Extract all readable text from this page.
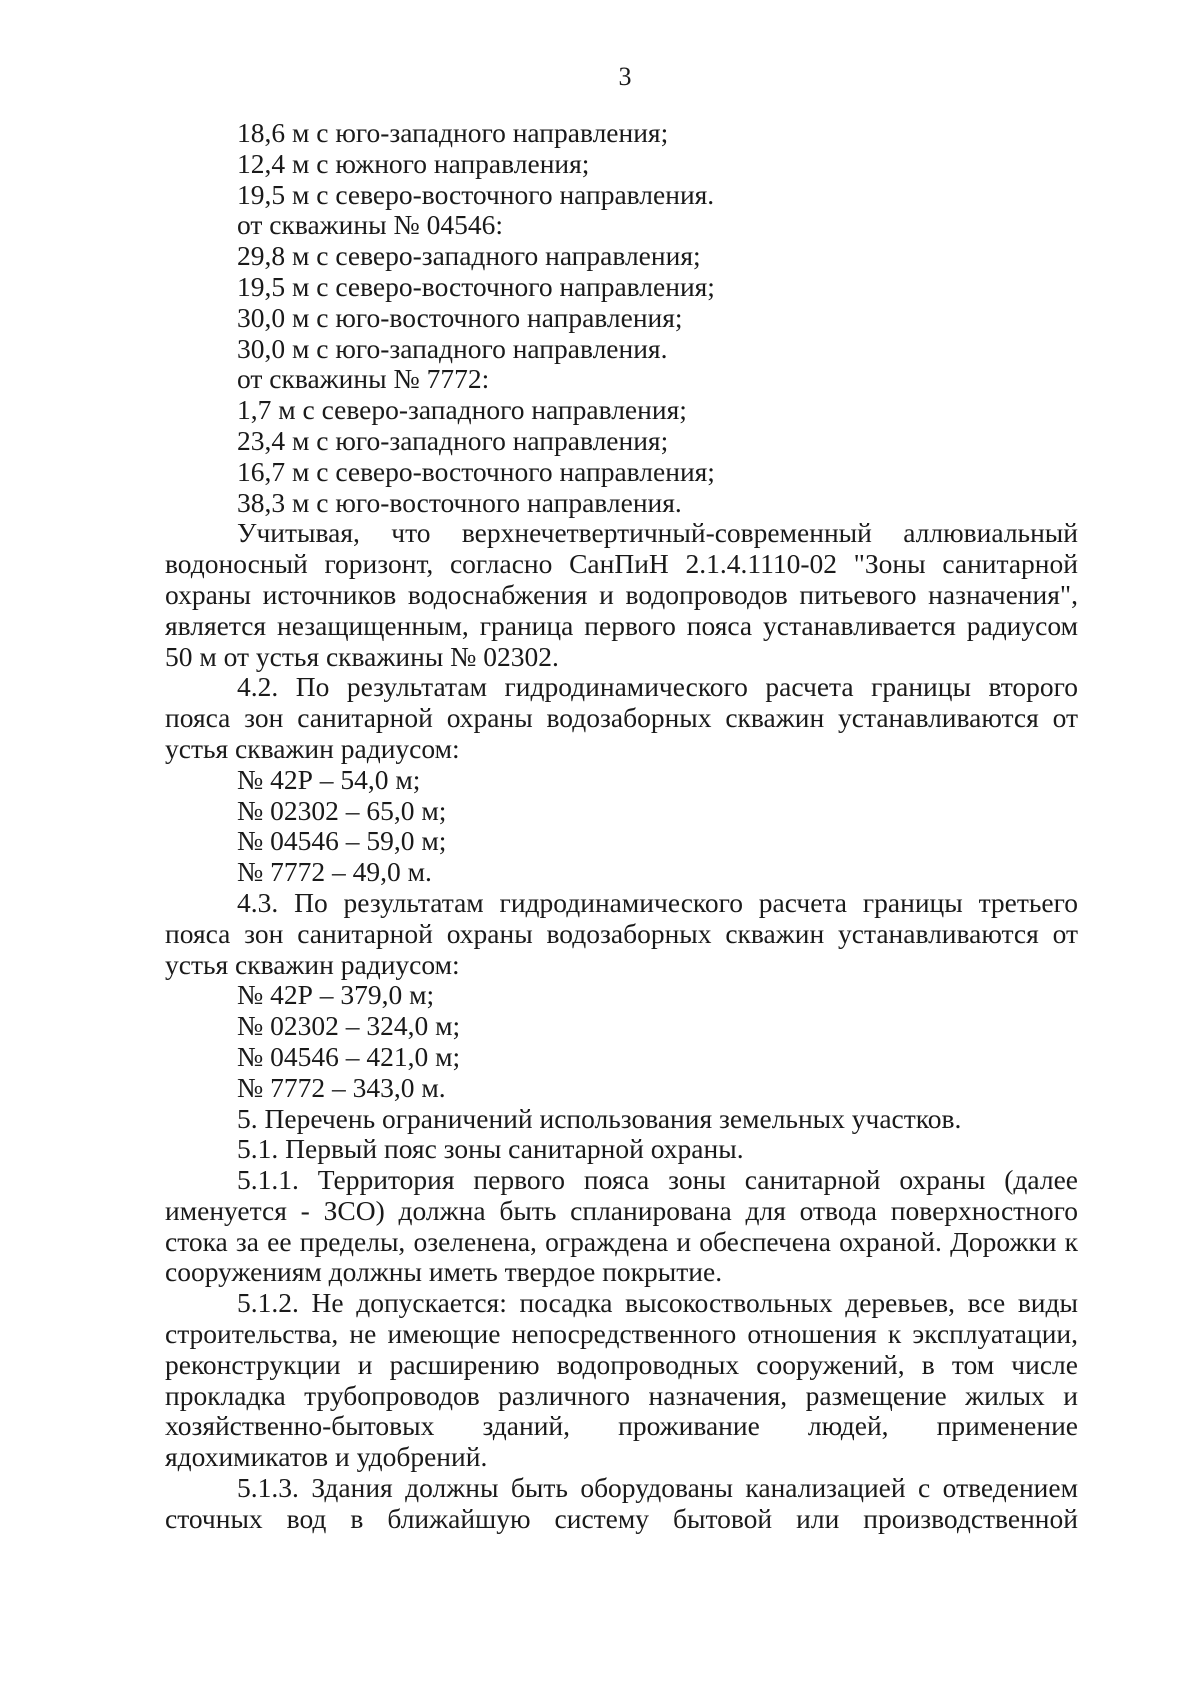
3
18,6 м с юго-западного направления;
12,4 м с южного направления;
19,5 м с северо-восточного направления.
от скважины № 04546:
29,8 м с северо-западного направления;
19,5 м с северо-восточного направления;
30,0 м с юго-восточного направления;
30,0 м с юго-западного направления.
от скважины № 7772:
1,7 м с северо-западного направления;
23,4 м с юго-западного направления;
16,7 м с северо-восточного направления;
38,3 м с юго-восточного направления.

Учитывая, что верхнечетвертичный-современный аллювиальный водоносный горизонт, согласно СанПиН 2.1.4.1110-02 "Зоны санитарной охраны источников водоснабжения и водопроводов питьевого назначения", является незащищенным, граница первого пояса устанавливается радиусом 50 м от устья скважины № 02302.

4.2. По результатам гидродинамического расчета границы второго пояса зон санитарной охраны водозаборных скважин устанавливаются от устья скважин радиусом:

№ 42Р – 54,0 м;
№ 02302 – 65,0 м;
№ 04546 – 59,0 м;
№ 7772 – 49,0 м.

4.3. По результатам гидродинамического расчета границы третьего пояса зон санитарной охраны водозаборных скважин устанавливаются от устья скважин радиусом:

№ 42Р – 379,0 м;
№ 02302 – 324,0 м;
№ 04546 – 421,0 м;
№ 7772 – 343,0 м.
5. Перечень ограничений использования земельных участков.
5.1. Первый пояс зоны санитарной охраны.

5.1.1. Территория первого пояса зоны санитарной охраны (далее именуется - ЗСО) должна быть спланирована для отвода поверхностного стока за ее пределы, озеленена, ограждена и обеспечена охраной. Дорожки к сооружениям должны иметь твердое покрытие.

5.1.2. Не допускается: посадка высокоствольных деревьев, все виды строительства, не имеющие непосредственного отношения к эксплуатации, реконструкции и расширению водопроводных сооружений, в том числе прокладка трубопроводов различного назначения, размещение жилых и хозяйственно-бытовых зданий, проживание людей, применение ядохимикатов и удобрений.

5.1.3. Здания должны быть оборудованы канализацией с отведением сточных вод в ближайшую систему бытовой или производственной
